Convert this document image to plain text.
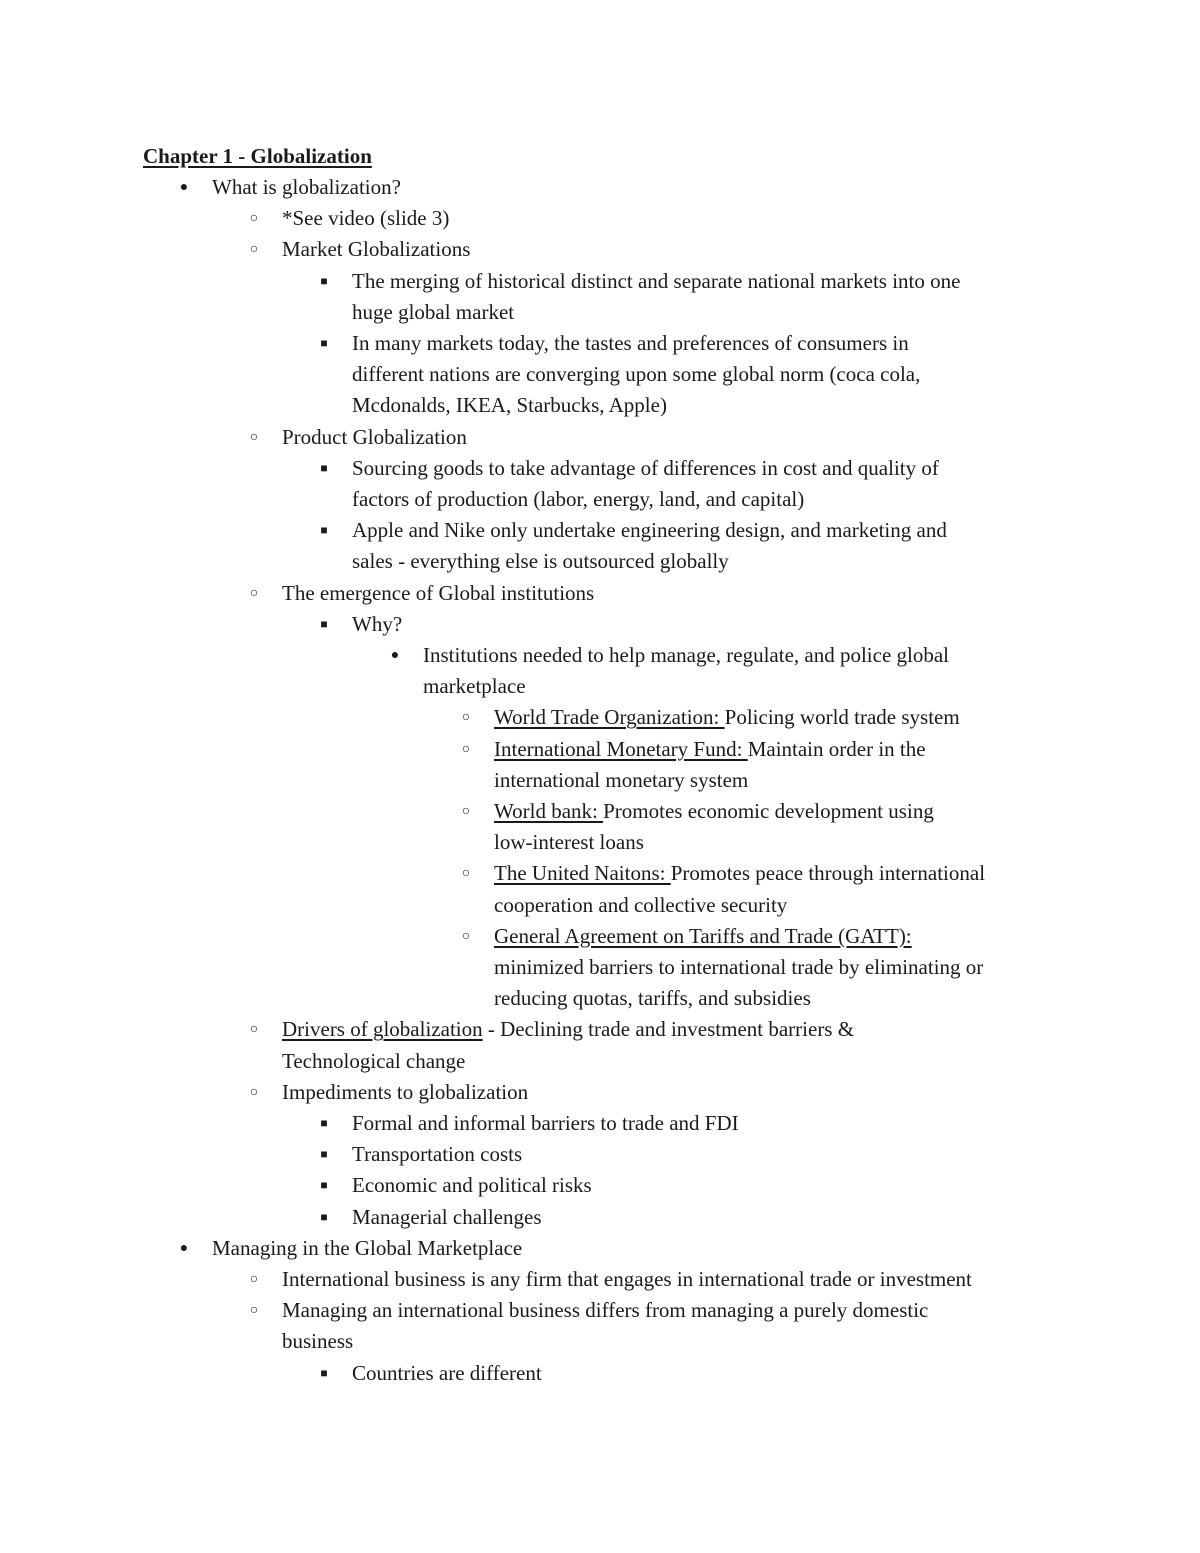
Chapter 1 - Globalization
●	What is globalization?
○	*See video (slide 3)
○	Market Globalizations
■	The merging of historical distinct and separate national markets into one
huge global market
■	In many markets today, the tastes and preferences of consumers in
different nations are converging upon some global norm (coca cola,
Mcdonalds, IKEA, Starbucks, Apple)
○	Product Globalization
■	Sourcing goods to take advantage of differences in cost and quality of
factors of production (labor, energy, land, and capital)
■	Apple and Nike only undertake engineering design, and marketing and
sales - everything else is outsourced globally
○	The emergence of Global institutions
■	Why?
●	Institutions needed to help manage, regulate, and police global
marketplace
○	World Trade Organization: Policing world trade system
○	International Monetary Fund: Maintain order in the
international monetary system
○	World bank: Promotes economic development using
low-interest loans
○	The United Naitons: Promotes peace through international
cooperation and collective security
○	General Agreement on Tariffs and Trade (GATT):
minimized barriers to international trade by eliminating or
reducing quotas, tariffs, and subsidies
○	Drivers of globalization - Declining trade and investment barriers &
Technological change
○	Impediments to globalization
■	Formal and informal barriers to trade and FDI
■	Transportation costs
■	Economic and political risks
■	Managerial challenges
●	Managing in the Global Marketplace
○	International business is any firm that engages in international trade or investment
○	Managing an international business differs from managing a purely domestic
business
■	Countries are different
